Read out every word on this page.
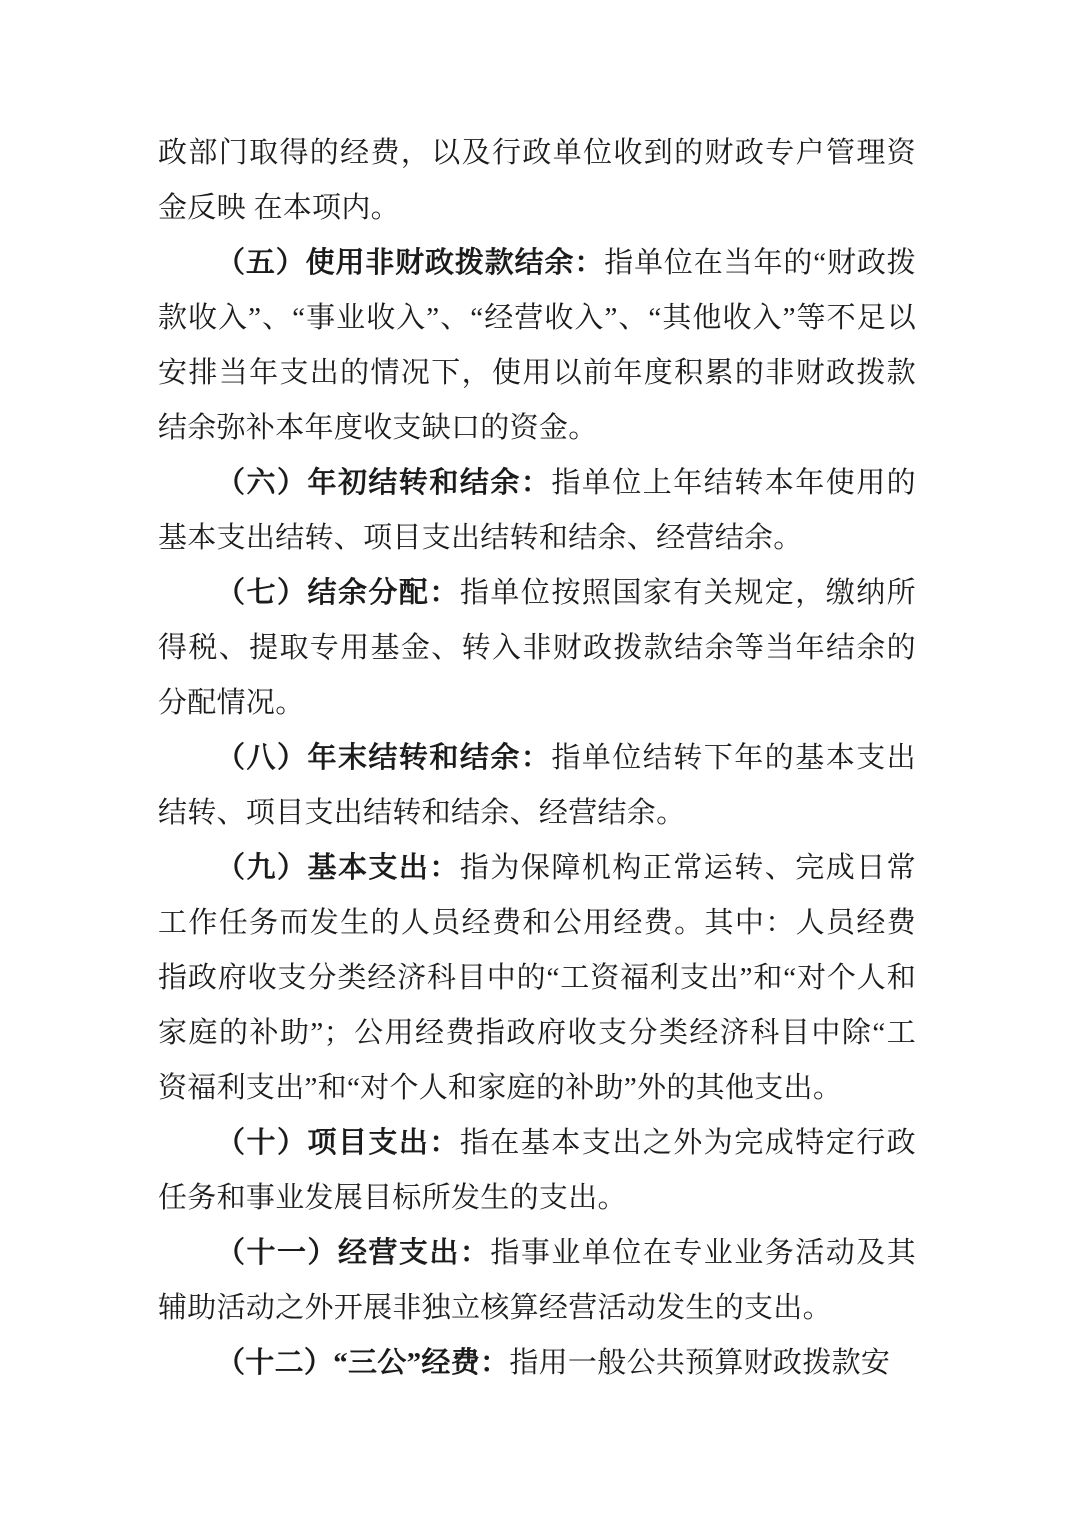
政部门取得的经费，以及行政单位收到的财政专户管理资金反映 在本项内。

（五）使用非财政拨款结余：指单位在当年的“财政拨款收入”、“事业收入”、“经营收入”、“其他收入”等不足以安排当年支出的情况下，使用以前年度积累的非财政拨款结余弥补本年度收支缺口的资金。

（六）年初结转和结余：指单位上年结转本年使用的基本支出结转、项目支出结转和结余、经营结余。

（七）结余分配：指单位按照国家有关规定，缴纳所得税、提取专用基金、转入非财政拨款结余等当年结余的分配情况。

（八）年末结转和结余：指单位结转下年的基本支出结转、项目支出结转和结余、经营结余。

（九）基本支出：指为保障机构正常运转、完成日常工作任务而发生的人员经费和公用经费。其中：人员经费指政府收支分类经济科目中的“工资福利支出”和“对个人和家庭的补助”；公用经费指政府收支分类经济科目中除“工资福利支出”和“对个人和家庭的补助”外的其他支出。

（十）项目支出：指在基本支出之外为完成特定行政任务和事业发展目标所发生的支出。

（十一）经营支出：指事业单位在专业业务活动及其辅助活动之外开展非独立核算经营活动发生的支出。

（十二）“三公”经费：指用一般公共预算财政拨款安
